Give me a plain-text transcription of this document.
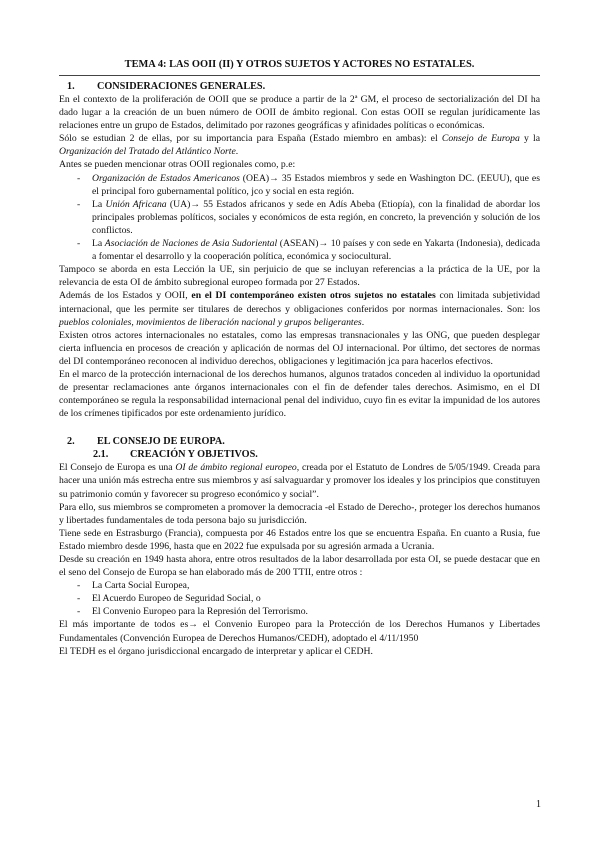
TEMA 4: LAS OOII (II) Y OTROS SUJETOS Y ACTORES NO ESTATALES.
1.	CONSIDERACIONES GENERALES.

En el contexto de la proliferación de OOII que se produce a partir de la 2ª GM, el proceso de sectorialización del DI ha dado lugar a la creación de un buen número de OOII de ámbito regional. Con estas OOII se regulan jurídicamente las relaciones entre un grupo de Estados, delimitado por razones geográficas y afinidades políticas o económicas.

Sólo se estudian 2 de ellas, por su importancia para España (Estado miembro en ambas): el Consejo de Europa y la Organización del Tratado del Atlántico Norte.

Antes se pueden mencionar otras OOII regionales como, p.e:

- Organización de Estados Americanos (OEA)→ 35 Estados miembros y sede en Washington DC. (EEUU), que es el principal foro gubernamental político, jco y social en esta región.
- La Unión Africana (UA)→ 55 Estados africanos y sede en Adís Abeba (Etiopía), con la finalidad de abordar los principales problemas políticos, sociales y económicos de esta región, en concreto, la prevención y solución de los conflictos.
- La Asociación de Naciones de Asia Sudoriental (ASEAN)→ 10 países y con sede en Yakarta (Indonesia), dedicada a fomentar el desarrollo y la cooperación política, económica y sociocultural.

Tampoco se aborda en esta Lección la UE, sin perjuicio de que se incluyan referencias a la práctica de la UE, por la relevancia de esta OI de ámbito subregional europeo formada por 27 Estados.

Además de los Estados y OOII, en el DI contemporáneo existen otros sujetos no estatales con limitada subjetividad internacional, que les permite ser titulares de derechos y obligaciones conferidos por normas internacionales. Son: los pueblos coloniales, movimientos de liberación nacional y grupos beligerantes.

Existen otros actores internacionales no estatales, como las empresas transnacionales y las ONG, que pueden desplegar cierta influencia en procesos de creación y aplicación de normas del OJ internacional. Por último, det sectores de normas del DI contemporáneo reconocen al individuo derechos, obligaciones y legitimación jca para hacerlos efectivos.

En el marco de la protección internacional de los derechos humanos, algunos tratados conceden al individuo la oportunidad de presentar reclamaciones ante órganos internacionales con el fin de defender tales derechos. Asimismo, en el DI contemporáneo se regula la responsabilidad internacional penal del individuo, cuyo fin es evitar la impunidad de los autores de los crímenes tipificados por este ordenamiento jurídico.

2.	EL CONSEJO DE EUROPA.
2.1.	CREACIÓN Y OBJETIVOS.

El Consejo de Europa es una OI de ámbito regional europeo, creada por el Estatuto de Londres de 5/05/1949. Creada para hacer una unión más estrecha entre sus miembros y así salvaguardar y promover los ideales y los principios que constituyen su patrimonio común y favorecer su progreso económico y social”.

Para ello, sus miembros se comprometen a promover la democracia -el Estado de Derecho-, proteger los derechos humanos y libertades fundamentales de toda persona bajo su jurisdicción.

Tiene sede en Estrasburgo (Francia), compuesta por 46 Estados entre los que se encuentra España. En cuanto a Rusia, fue Estado miembro desde 1996, hasta que en 2022 fue expulsada por su agresión armada a Ucrania.

Desde su creación en 1949 hasta ahora, entre otros resultados de la labor desarrollada por esta OI, se puede destacar que en el seno del Consejo de Europa se han elaborado más de 200 TTII, entre otros :

- La Carta Social Europea,
- El Acuerdo Europeo de Seguridad Social, o
- El Convenio Europeo para la Represión del Terrorismo.

El más importante de todos es→ el Convenio Europeo para la Protección de los Derechos Humanos y Libertades Fundamentales (Convención Europea de Derechos Humanos/CEDH), adoptado el 4/11/1950

El TEDH es el órgano jurisdiccional encargado de interpretar y aplicar el CEDH.

1
